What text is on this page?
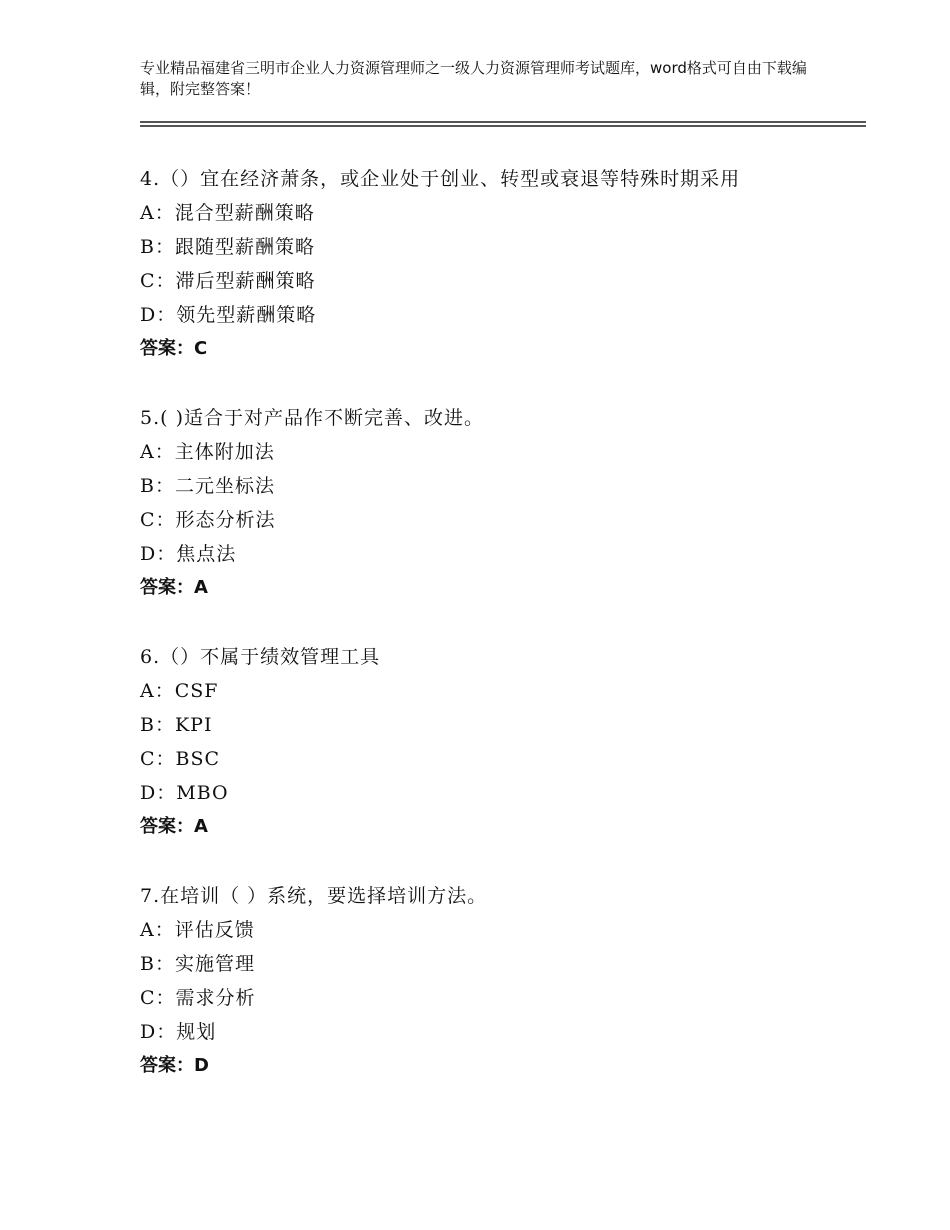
专业精品福建省三明市企业人力资源管理师之一级人力资源管理师考试题库，word格式可自由下载编辑，附完整答案！
4.（）宜在经济萧条，或企业处于创业、转型或衰退等特殊时期采用
A：混合型薪酬策略
B：跟随型薪酬策略
C：滞后型薪酬策略
D：领先型薪酬策略
答案：C
5.( )适合于对产品作不断完善、改进。
A：主体附加法
B：二元坐标法
C：形态分析法
D：焦点法
答案：A
6.（）不属于绩效管理工具
A：CSF
B：KPI
C：BSC
D：MBO
答案：A
7.在培训（ ）系统，要选择培训方法。
A：评估反馈
B：实施管理
C：需求分析
D：规划
答案：D
